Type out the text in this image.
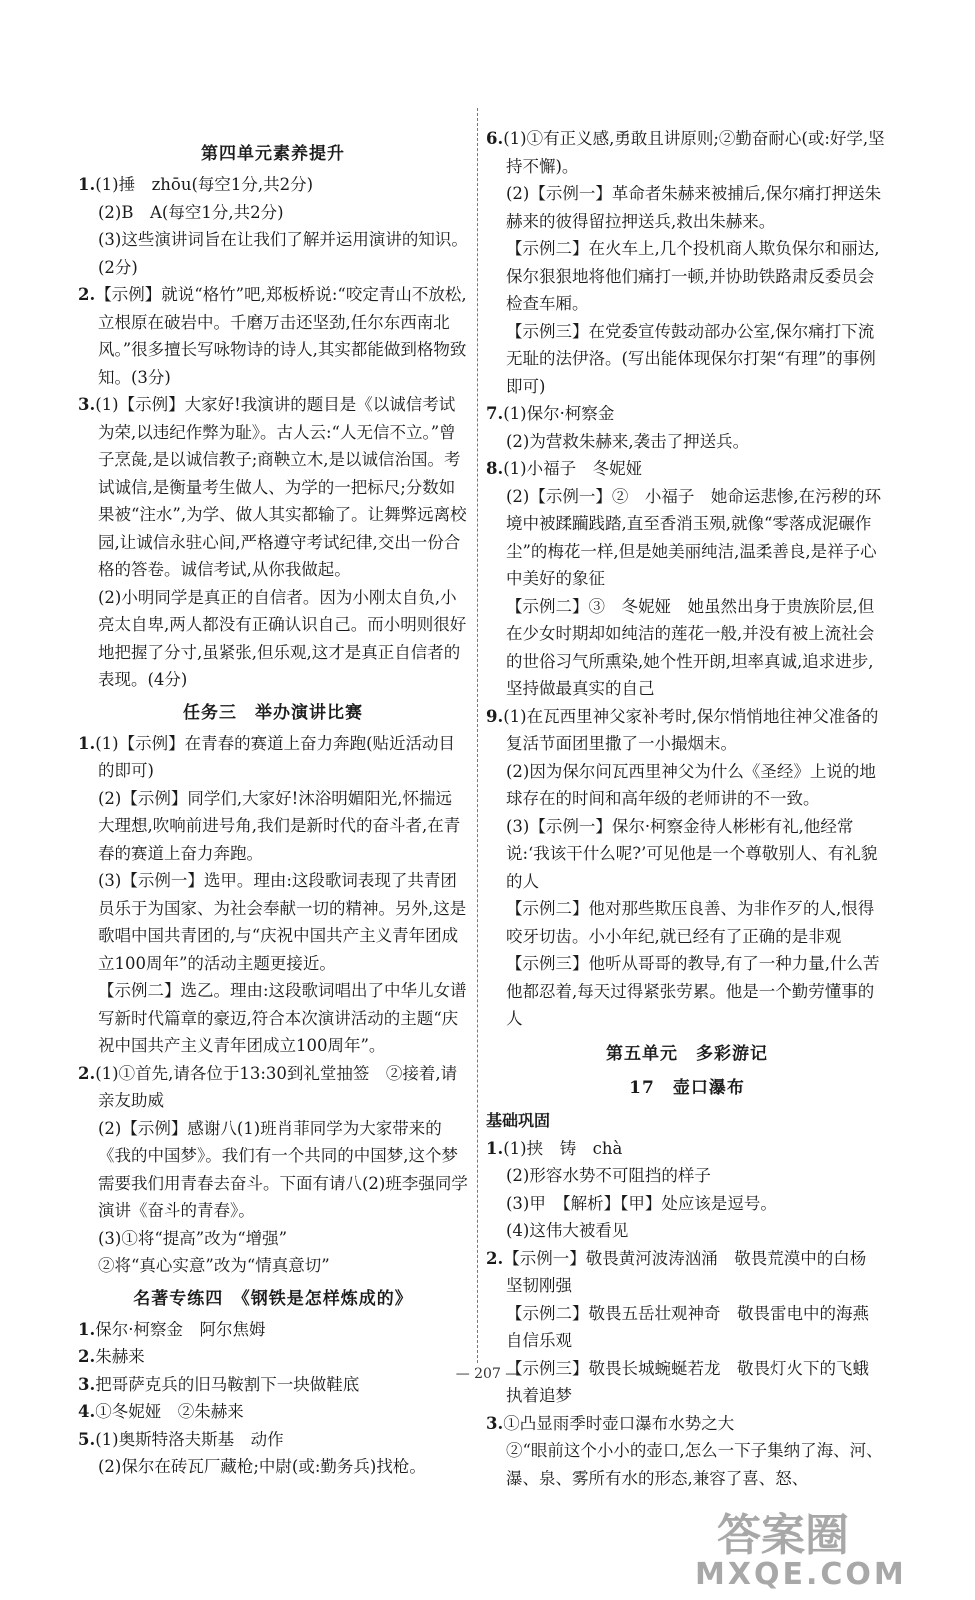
第四单元素养提升

1.(1)捶　zhōu(每空1分,共2分)

(2)B　A(每空1分,共2分)

(3)这些演讲词旨在让我们了解并运用演讲的知识。(2分)

2.【示例】就说“格竹”吧,郑板桥说:“咬定青山不放松,立根原在破岩中。千磨万击还坚劲,任尔东西南北风。”很多擅长写咏物诗的诗人,其实都能做到格物致知。(3分)

3.(1)【示例】大家好!我演讲的题目是《以诚信考试为荣,以违纪作弊为耻》。古人云:“人无信不立。”曾子烹彘,是以诚信教子;商鞅立木,是以诚信治国。考试诚信,是衡量考生做人、为学的一把标尺;分数如果被“注水”,为学、做人其实都输了。让舞弊远离校园,让诚信永驻心间,严格遵守考试纪律,交出一份合格的答卷。诚信考试,从你我做起。

(2)小明同学是真正的自信者。因为小刚太自负,小亮太自卑,两人都没有正确认识自己。而小明则很好地把握了分寸,虽紧张,但乐观,这才是真正自信者的表现。(4分)

任务三　举办演讲比赛

1.(1)【示例】在青春的赛道上奋力奔跑(贴近活动目的即可)

(2)【示例】同学们,大家好!沐浴明媚阳光,怀揣远大理想,吹响前进号角,我们是新时代的奋斗者,在青春的赛道上奋力奔跑。

(3)【示例一】选甲。理由:这段歌词表现了共青团员乐于为国家、为社会奉献一切的精神。另外,这是歌唱中国共青团的,与“庆祝中国共产主义青年团成立100周年”的活动主题更接近。

【示例二】选乙。理由:这段歌词唱出了中华儿女谱写新时代篇章的豪迈,符合本次演讲活动的主题“庆祝中国共产主义青年团成立100周年”。

2.(1)①首先,请各位于13:30到礼堂抽签　②接着,请亲友助威

(2)【示例】感谢八(1)班肖菲同学为大家带来的《我的中国梦》。我们有一个共同的中国梦,这个梦需要我们用青春去奋斗。下面有请八(2)班李强同学演讲《奋斗的青春》。

(3)①将“提高”改为“增强”

②将“真心实意”改为“情真意切”

名著专练四　《钢铁是怎样炼成的》

1.保尔·柯察金　阿尔焦姆

2.朱赫来

3.把哥萨克兵的旧马鞍割下一块做鞋底

4.①冬妮娅　②朱赫来

5.(1)奥斯特洛夫斯基　动作

(2)保尔在砖瓦厂藏枪;中尉(或:勤务兵)找枪。

6.(1)①有正义感,勇敢且讲原则;②勤奋耐心(或:好学,坚持不懈)。

(2)【示例一】革命者朱赫来被捕后,保尔痛打押送朱赫来的彼得留拉押送兵,救出朱赫来。

【示例二】在火车上,几个投机商人欺负保尔和丽达,保尔狠狠地将他们痛打一顿,并协助铁路肃反委员会检查车厢。

【示例三】在党委宣传鼓动部办公室,保尔痛打下流无耻的法伊洛。(写出能体现保尔打架“有理”的事例即可)

7.(1)保尔·柯察金

(2)为营救朱赫来,袭击了押送兵。

8.(1)小福子　冬妮娅

(2)【示例一】②　小福子　她命运悲惨,在污秽的环境中被蹂躏践踏,直至香消玉殒,就像“零落成泥碾作尘”的梅花一样,但是她美丽纯洁,温柔善良,是祥子心中美好的象征

【示例二】③　冬妮娅　她虽然出身于贵族阶层,但在少女时期却如纯洁的莲花一般,并没有被上流社会的世俗习气所熏染,她个性开朗,坦率真诚,追求进步,坚持做最真实的自己

9.(1)在瓦西里神父家补考时,保尔悄悄地往神父准备的复活节面团里撒了一小撮烟末。

(2)因为保尔问瓦西里神父为什么《圣经》上说的地球存在的时间和高年级的老师讲的不一致。

(3)【示例一】保尔·柯察金待人彬彬有礼,他经常说:‘我该干什么呢?’可见他是一个尊敬别人、有礼貌的人

【示例二】他对那些欺压良善、为非作歹的人,恨得咬牙切齿。小小年纪,就已经有了正确的是非观

【示例三】他听从哥哥的教导,有了一种力量,什么苦他都忍着,每天过得紧张劳累。他是一个勤劳懂事的人

第五单元　多彩游记
17　壶口瀑布
基础巩固

1.(1)挟　铸　chà

(2)形容水势不可阻挡的样子

(3)甲　【解析】【甲】处应该是逗号。

(4)这伟大被看见

2.【示例一】敬畏黄河波涛汹涌　敬畏荒漠中的白杨　坚韧刚强

【示例二】敬畏五岳壮观神奇　敬畏雷电中的海燕　自信乐观

【示例三】敬畏长城蜿蜒若龙　敬畏灯火下的飞蛾　执着追梦

3.①凸显雨季时壶口瀑布水势之大

②“眼前这个小小的壶口,怎么一下子集纳了海、河、瀑、泉、雾所有水的形态,兼容了喜、怒、

— 207 —
答案圈
MXQE.COM
